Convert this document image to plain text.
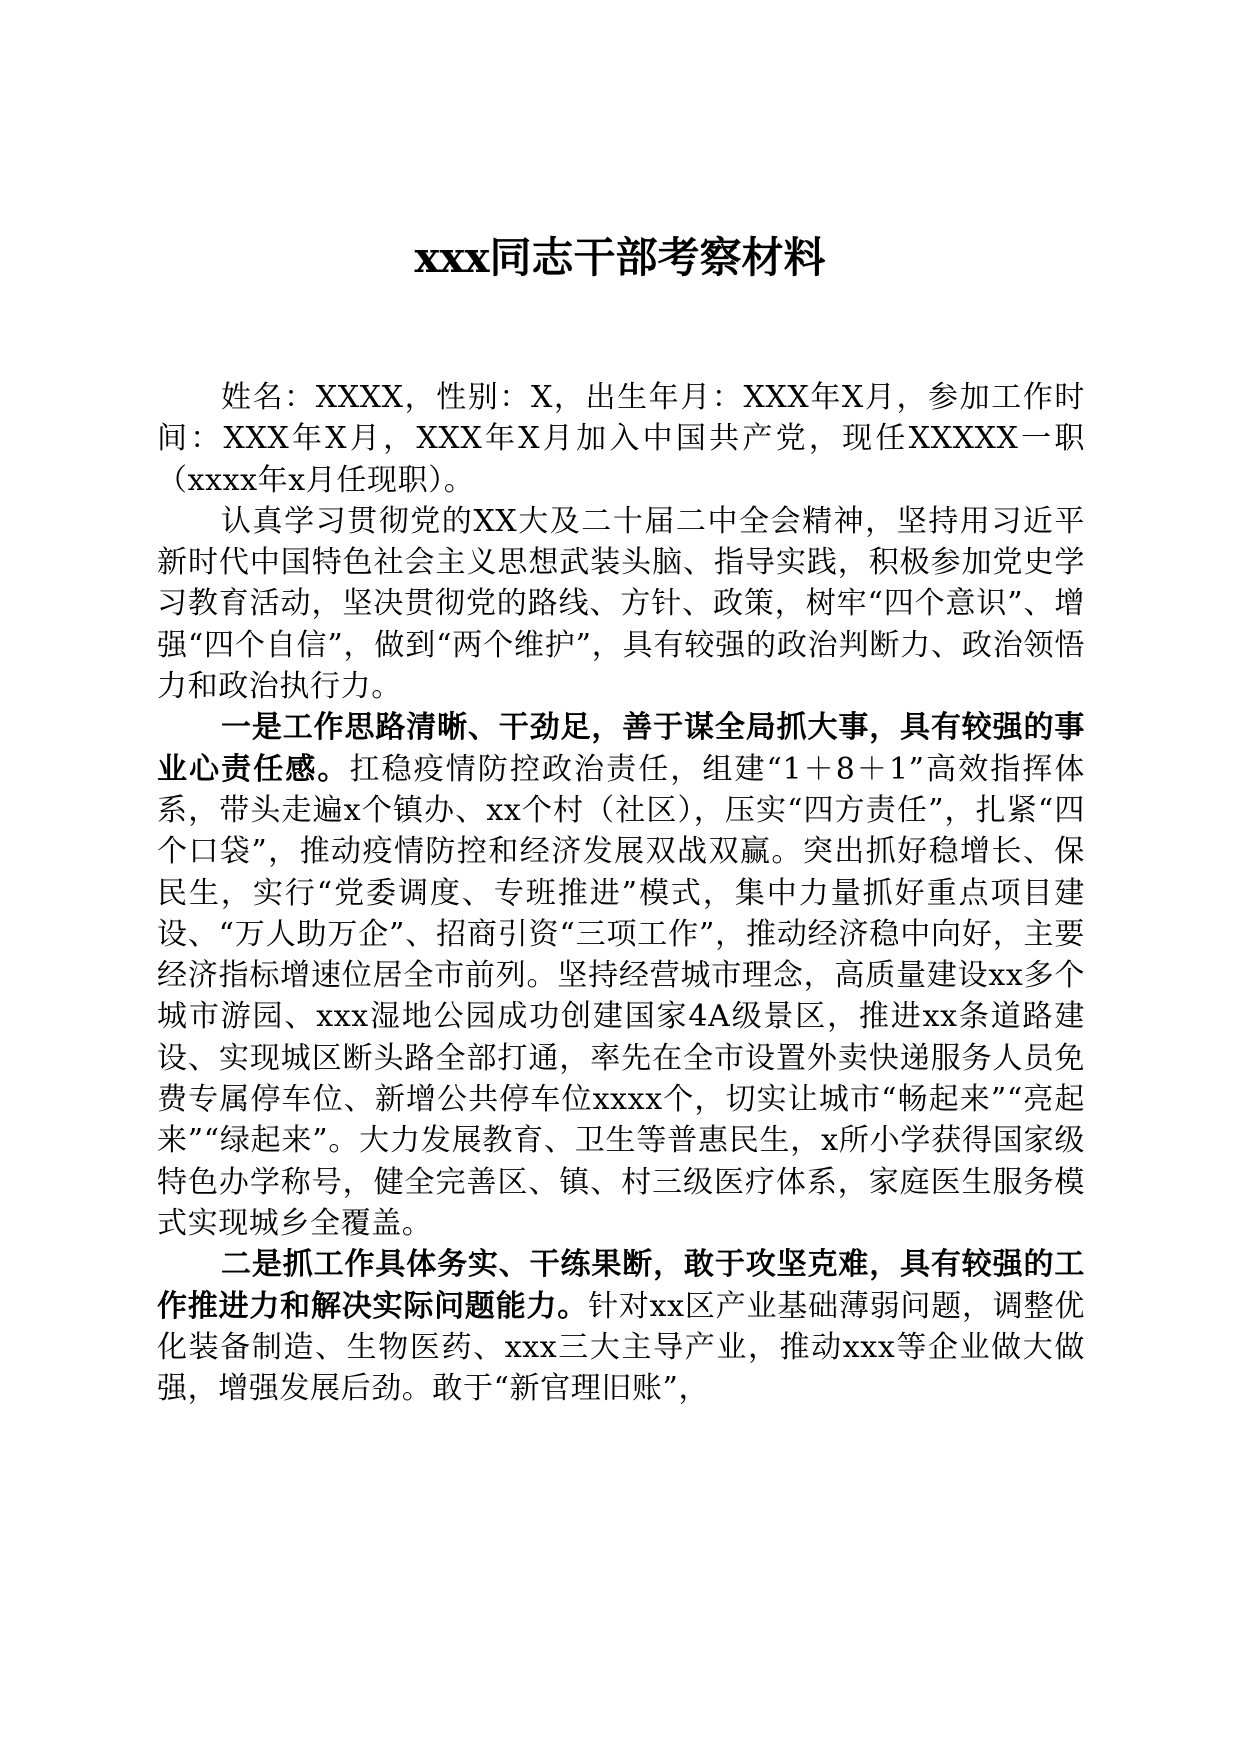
xxx同志干部考察材料

姓名：XXXX，性别：X，出生年月：XXX年X月，参加工作时间：XXX年X月，XXX年X月加入中国共产党，现任XXXXX一职（xxxx年x月任现职）。

认真学习贯彻党的XX大及二十届二中全会精神，坚持用习近平新时代中国特色社会主义思想武装头脑、指导实践，积极参加党史学习教育活动，坚决贯彻党的路线、方针、政策，树牢“四个意识”、增强“四个自信”，做到“两个维护”，具有较强的政治判断力、政治领悟力和政治执行力。

一是工作思路清晰、干劲足，善于谋全局抓大事，具有较强的事业心责任感。扛稳疫情防控政治责任，组建“1＋8＋1”高效指挥体系，带头走遍x个镇办、xx个村（社区），压实“四方责任”，扎紧“四个口袋”，推动疫情防控和经济发展双战双赢。突出抓好稳增长、保民生，实行“党委调度、专班推进”模式，集中力量抓好重点项目建设、“万人助万企”、招商引资“三项工作”，推动经济稳中向好，主要经济指标增速位居全市前列。坚持经营城市理念，高质量建设xx多个城市游园、xxx湿地公园成功创建国家4A级景区，推进xx条道路建设、实现城区断头路全部打通，率先在全市设置外卖快递服务人员免费专属停车位、新增公共停车位xxxx个，切实让城市“畅起来”“亮起来”“绿起来”。大力发展教育、卫生等普惠民生，x所小学获得国家级特色办学称号，健全完善区、镇、村三级医疗体系，家庭医生服务模式实现城乡全覆盖。

二是抓工作具体务实、干练果断，敢于攻坚克难，具有较强的工作推进力和解决实际问题能力。针对xx区产业基础薄弱问题，调整优化装备制造、生物医药、xxx三大主导产业，推动xxx等企业做大做强，增强发展后劲。敢于“新官理旧账”，
